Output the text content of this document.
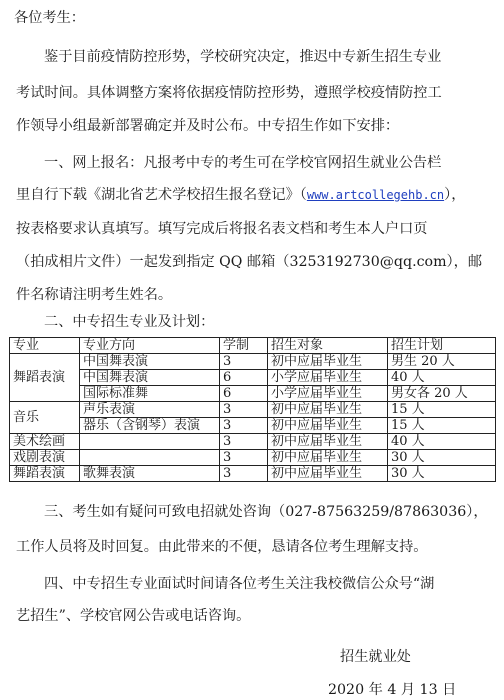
各位考生：

鉴于目前疫情防控形势，学校研究决定，推迟中专新生招生专业

考试时间。具体调整方案将依据疫情防控形势，遵照学校疫情防控工

作领导小组最新部署确定并及时公布。中专招生作如下安排：

一、网上报名：凡报考中专的考生可在学校官网招生就业公告栏

里自行下载《湖北省艺术学校招生报名登记》（www.artcollegehb.cn），

按表格要求认真填写。填写完成后将报名表文档和考生本人户口页

（拍成相片文件）一起发到指定 QQ 邮箱（3253192730@qq.com），邮

件名称请注明考生姓名。

二、中专招生专业及计划：

专业	专业方向	学制	招生对象	招生计划
舞蹈表演	中国舞表演	3	初中应届毕业生	男生 20 人
	中国舞表演	6	小学应届毕业生	40 人
	国际标准舞	6	小学应届毕业生	男女各 20 人
音乐	声乐表演	3	初中应届毕业生	15 人
	器乐（含钢琴）表演	3	初中应届毕业生	15 人
美术绘画		3	初中应届毕业生	40 人
戏剧表演		3	初中应届毕业生	30 人
舞蹈表演	歌舞表演	3	初中应届毕业生	30 人

三、考生如有疑问可致电招就处咨询（027-87563259/87863036），

工作人员将及时回复。由此带来的不便，恳请各位考生理解支持。

四、中专招生专业面试时间请各位考生关注我校微信公众号“湖

艺招生”、学校官网公告或电话咨询。

招生就业处

2020 年 4 月 13 日
